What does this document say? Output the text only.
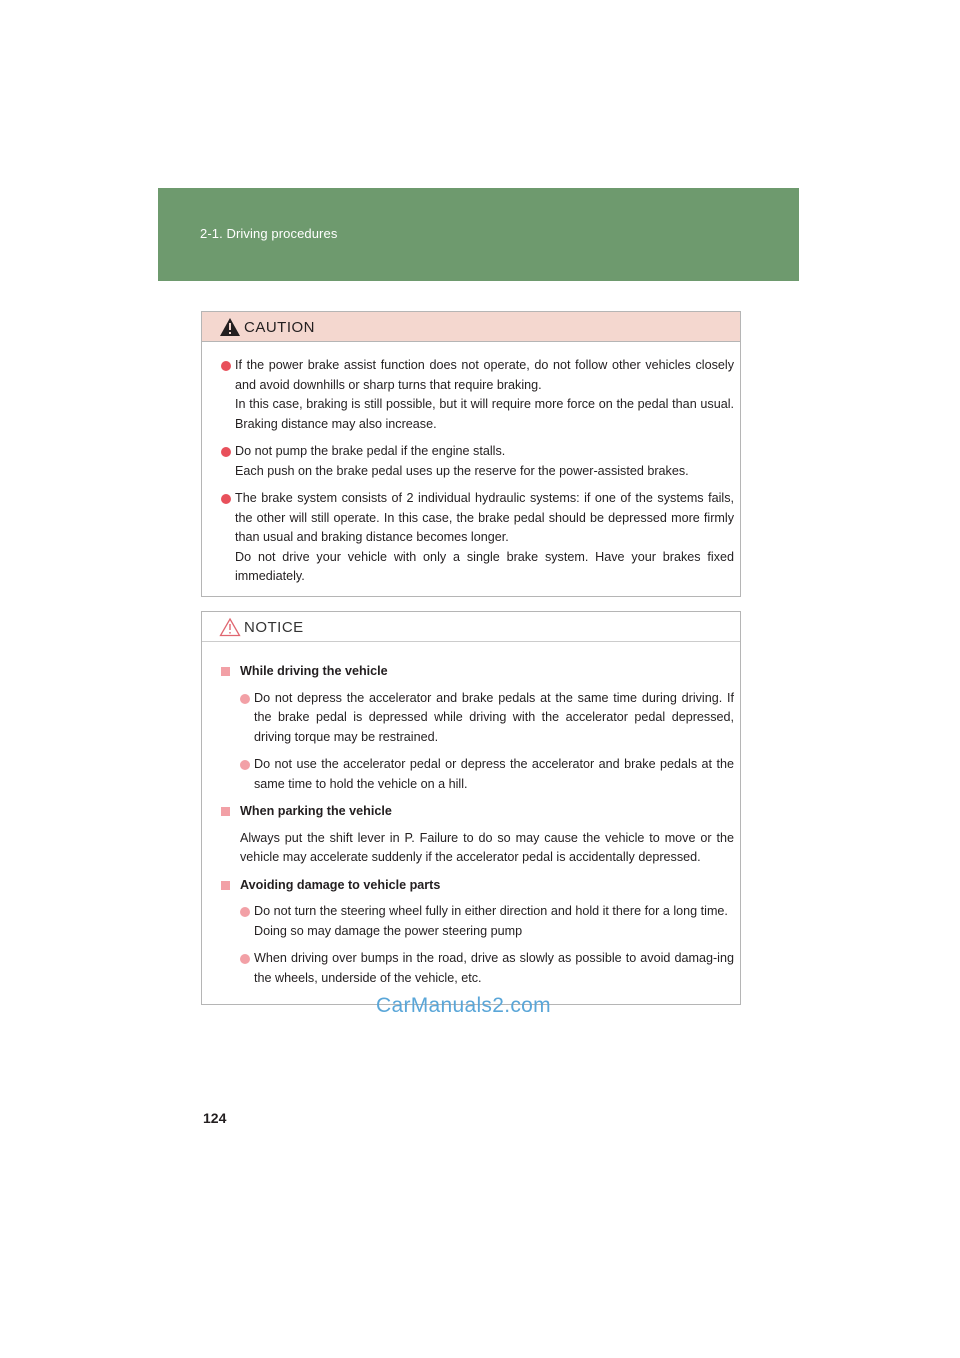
2-1. Driving procedures
CAUTION

If the power brake assist function does not operate, do not follow other vehicles closely and avoid downhills or sharp turns that require braking.

In this case, braking is still possible, but it will require more force on the pedal than usual. Braking distance may also increase.

Do not pump the brake pedal if the engine stalls.

Each push on the brake pedal uses up the reserve for the power-assisted brakes.

The brake system consists of 2 individual hydraulic systems: if one of the systems fails, the other will still operate. In this case, the brake pedal should be depressed more firmly than usual and braking distance becomes longer.

Do not drive your vehicle with only a single brake system. Have your brakes fixed immediately.

NOTICE
While driving the vehicle

Do not depress the accelerator and brake pedals at the same time during driving. If the brake pedal is depressed while driving with the accelerator pedal depressed, driving torque may be restrained.

Do not use the accelerator pedal or depress the accelerator and brake pedals at the same time to hold the vehicle on a hill.

When parking the vehicle
Always put the shift lever in P. Failure to do so may cause the vehicle to move or the vehicle may accelerate suddenly if the accelerator pedal is accidentally depressed.
Avoiding damage to vehicle parts

Do not turn the steering wheel fully in either direction and hold it there for a long time.

Doing so may damage the power steering pump

When driving over bumps in the road, drive as slowly as possible to avoid damag-ing the wheels, underside of the vehicle, etc.

CarManuals2.com
124
